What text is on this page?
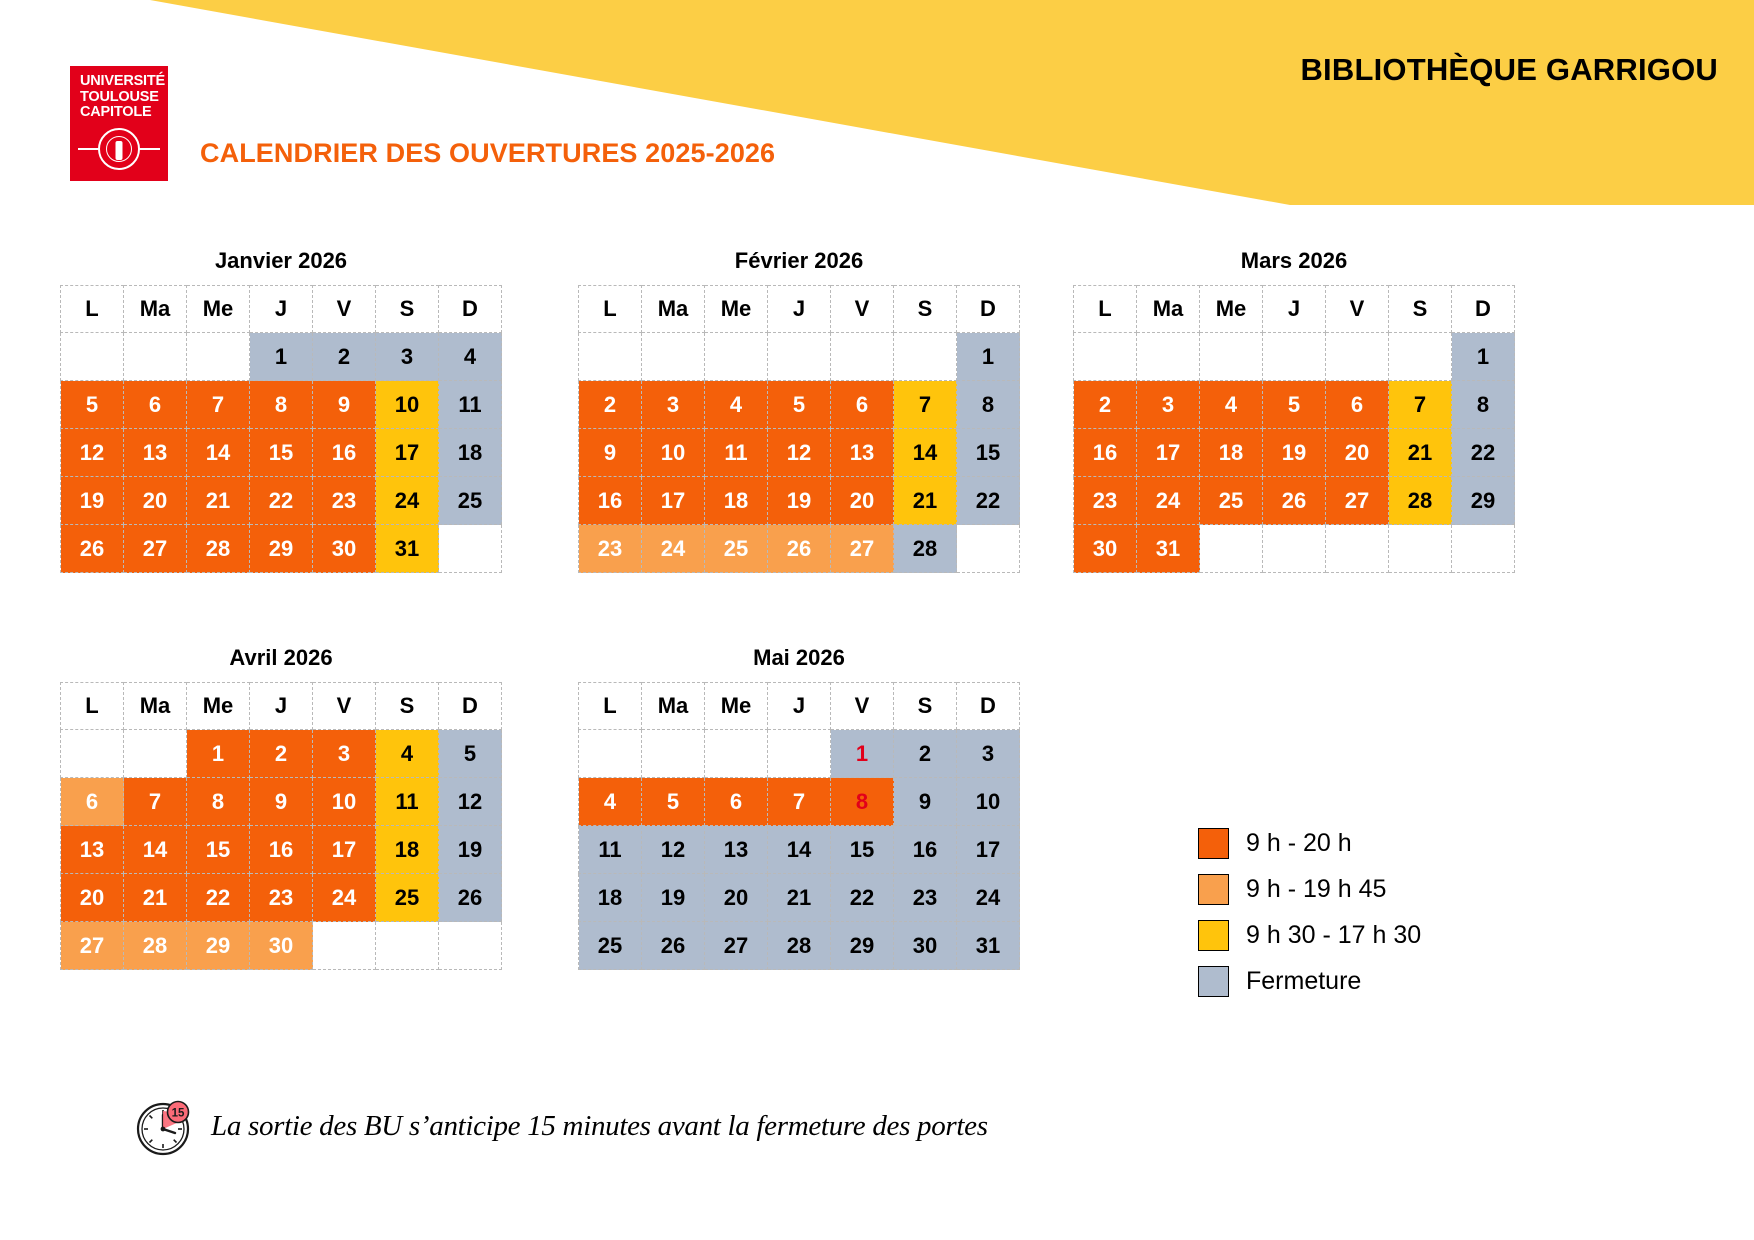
BIBLIOTHÈQUE GARRIGOU
UNIVERSITÉ
TOULOUSE
CAPITOLE
CALENDRIER DES OUVERTURES 2025-2026
Janvier 2026
L	Ma	Me	J	V	S	D
			1	2	3	4
5	6	7	8	9	10	11
12	13	14	15	16	17	18
19	20	21	22	23	24	25
26	27	28	29	30	31	
Février 2026
L	Ma	Me	J	V	S	D
						1
2	3	4	5	6	7	8
9	10	11	12	13	14	15
16	17	18	19	20	21	22
23	24	25	26	27	28	
Mars 2026
L	Ma	Me	J	V	S	D
						1
2	3	4	5	6	7	8
16	17	18	19	20	21	22
23	24	25	26	27	28	29
30	31					
Avril 2026
L	Ma	Me	J	V	S	D
		1	2	3	4	5
6	7	8	9	10	11	12
13	14	15	16	17	18	19
20	21	22	23	24	25	26
27	28	29	30			
Mai 2026
L	Ma	Me	J	V	S	D
				1	2	3
4	5	6	7	8	9	10
11	12	13	14	15	16	17
18	19	20	21	22	23	24
25	26	27	28	29	30	31
9 h - 20 h
9 h - 19 h 45
9 h 30 - 17 h 30
Fermeture
15 La sortie des BU s’anticipe 15 minutes avant la fermeture des portes
